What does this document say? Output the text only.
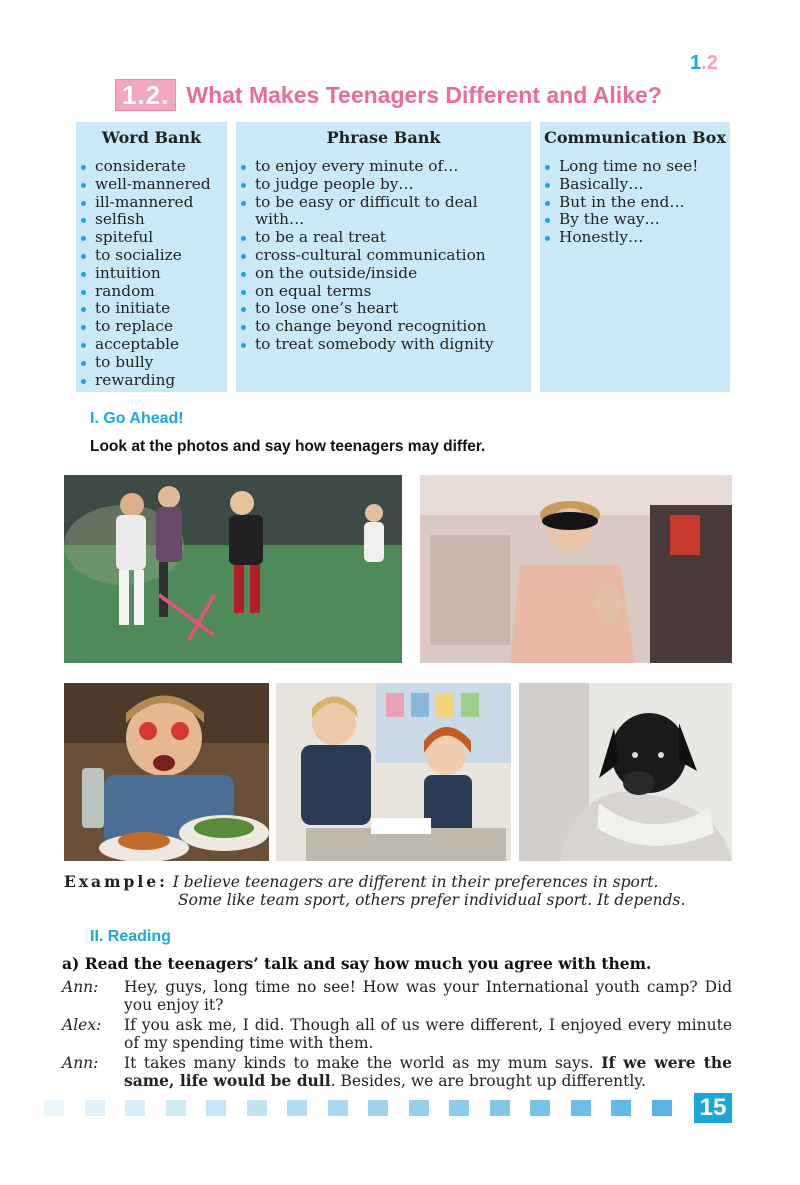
1.2
1.2. What Makes Teenagers Different and Alike?
Word Bank
considerate
well-mannered
ill-mannered
selfish
spiteful
to socialize
intuition
random
to initiate
to replace
acceptable
to bully
rewarding
Phrase Bank
to enjoy every minute of…
to judge people by…
to be easy or difficult to deal with…
to be a real treat
cross-cultural communication
on the outside/inside
on equal terms
to lose one’s heart
to change beyond recognition
to treat somebody with dignity
Communication Box
Long time no see!
Basically…
But in the end…
By the way…
Honestly…
I. Go Ahead!
Look at the photos and say how teenagers may differ.
Example: I believe teenagers are different in their preferences in sport.
Some like team sport, others prefer individual sport. It depends.
II. Reading
a) Read the teenagers’ talk and say how much you agree with them.
Ann:	Hey, guys, long time no see! How was your International youth camp? Did you enjoy it?
Alex:	If you ask me, I did. Though all of us were different, I enjoyed every minute of my spending time with them.
Ann:	It takes many kinds to make the world as my mum says. If we were the same, life would be dull. Besides, we are brought up differently.
15
